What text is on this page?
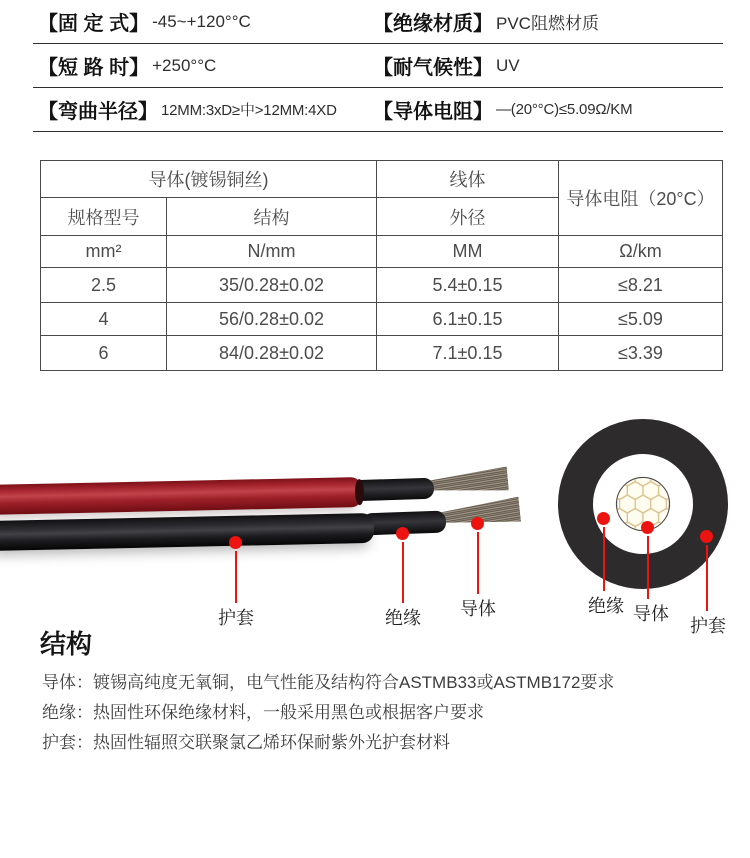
【固 定 式】 -45~+120°°C	【绝缘材质】 PVC阻燃材质
【短 路 时】 +250°°C	【耐气候性】 UV
【弯曲半径】 12MM:3xD≥中>12MM:4XD 【导体电阻】 —(20°°C)≤5.09Ω/KM
导体(镀锡铜丝)		线体	导体电阻（20°C）
规格型号	结构	外径	
mm²	N/mm	MM	Ω/km
2.5	35/0.28±0.02	5.4±0.15	≤8.21
4	56/0.28±0.02	6.1±0.15	≤5.09
6	84/0.28±0.02	7.1±0.15	≤3.39
护套	绝缘 导体	绝缘 导体
护套
结构
导体：镀锡高纯度无氧铜，电气性能及结构符合ASTMB33或ASTMB172要求
绝缘：热固性环保绝缘材料，一般采用黑色或根据客户要求
护套：热固性辐照交联聚氯乙烯环保耐紫外光护套材料
